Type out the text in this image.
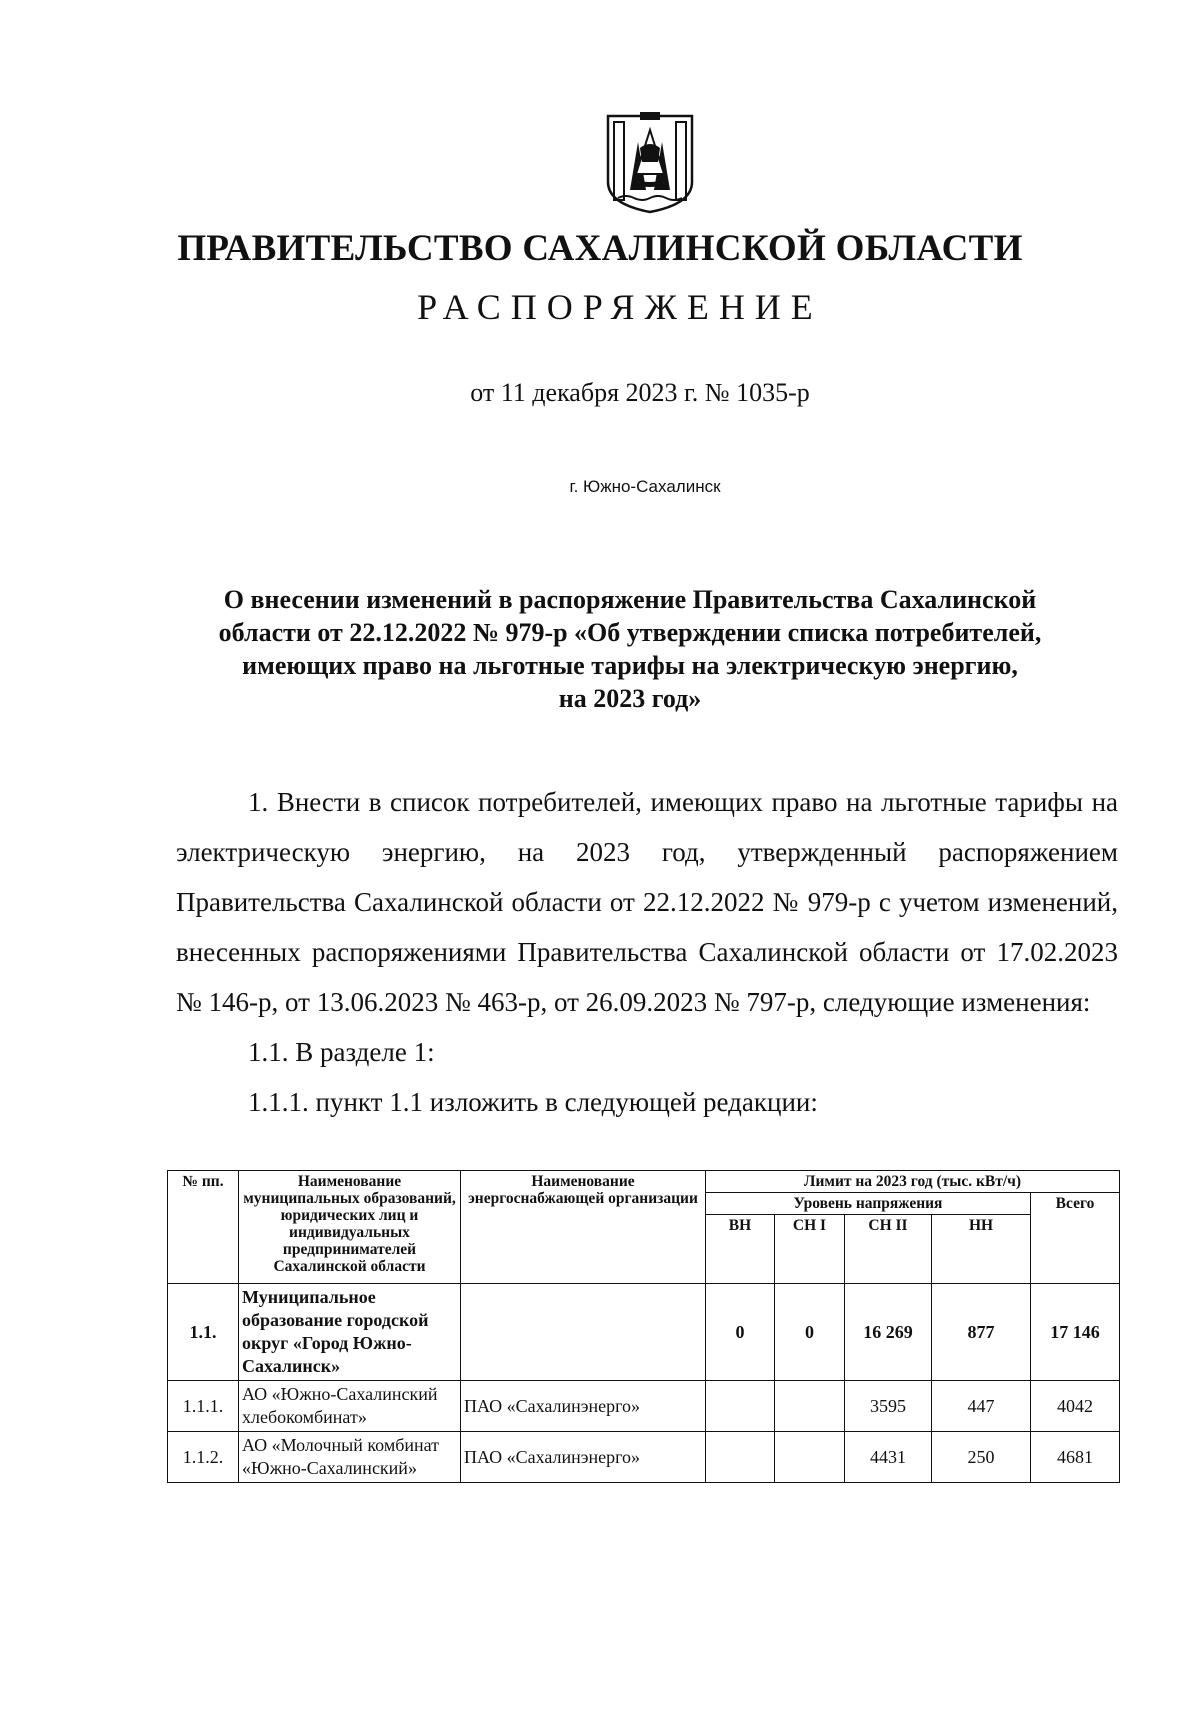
ПРАВИТЕЛЬСТВО САХАЛИНСКОЙ ОБЛАСТИ
РАСПОРЯЖЕНИЕ
от 11 декабря 2023 г. № 1035-р
г. Южно-Сахалинск
О внесении изменений в распоряжение Правительства Сахалинской
области от 22.12.2022 № 979-р «Об утверждении списка потребителей,
имеющих право на льготные тарифы на электрическую энергию,
на 2023 год»

1. Внести в список потребителей, имеющих право на льготные тарифы на электрическую энергию, на 2023 год, утвержденный распоряжением Правительства Сахалинской области от 22.12.2022 № 979-р с учетом изменений, внесенных распоряжениями Правительства Сахалинской области от 17.02.2023 № 146-р, от 13.06.2023 № 463-р, от 26.09.2023 № 797-р, следующие изменения:

1.1. В разделе 1:

1.1.1. пункт 1.1 изложить в следующей редакции:

№ пп.	Наименование муниципальных образований, юридических лиц и индивидуальных предпринимателей Сахалинской области	Наименование энергоснабжающей организации	Лимит на 2023 год (тыс. кВт/ч)				
			Уровень напряжения				Всего
			ВН	СН I	СН II	НН	
1.1.	Муниципальное образование городской округ «Город Южно-Сахалинск»		0	0	16 269	877	17 146
1.1.1.	АО «Южно-Сахалинский хлебокомбинат»	ПАО «Сахалинэнерго»			3595	447	4042
1.1.2.	АО «Молочный комбинат «Южно-Сахалинский»	ПАО «Сахалинэнерго»			4431	250	4681
